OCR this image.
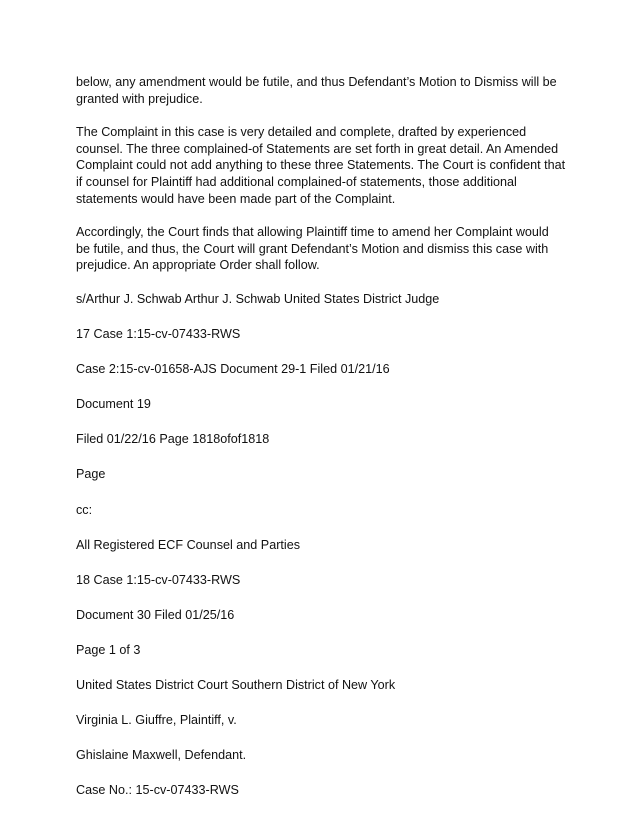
below, any amendment would be futile, and thus Defendant’s Motion to Dismiss will be granted with prejudice.

The Complaint in this case is very detailed and complete, drafted by experienced counsel. The three complained-of Statements are set forth in great detail. An Amended Complaint could not add anything to these three Statements. The Court is confident that if counsel for Plaintiff had additional complained-of statements, those additional statements would have been made part of the Complaint.

Accordingly, the Court finds that allowing Plaintiff time to amend her Complaint would be futile, and thus, the Court will grant Defendant’s Motion and dismiss this case with prejudice. An appropriate Order shall follow.

s/Arthur J. Schwab Arthur J. Schwab United States District Judge
17 Case 1:15-cv-07433-RWS
Case 2:15-cv-01658-AJS Document 29-1 Filed 01/21/16
Document 19
Filed 01/22/16 Page 1818ofof1818
Page
cc:
All Registered ECF Counsel and Parties
18 Case 1:15-cv-07433-RWS
Document 30 Filed 01/25/16
Page 1 of 3
United States District Court Southern District of New York
Virginia L. Giuffre, Plaintiff, v.
Ghislaine Maxwell, Defendant.
Case No.: 15-cv-07433-RWS
